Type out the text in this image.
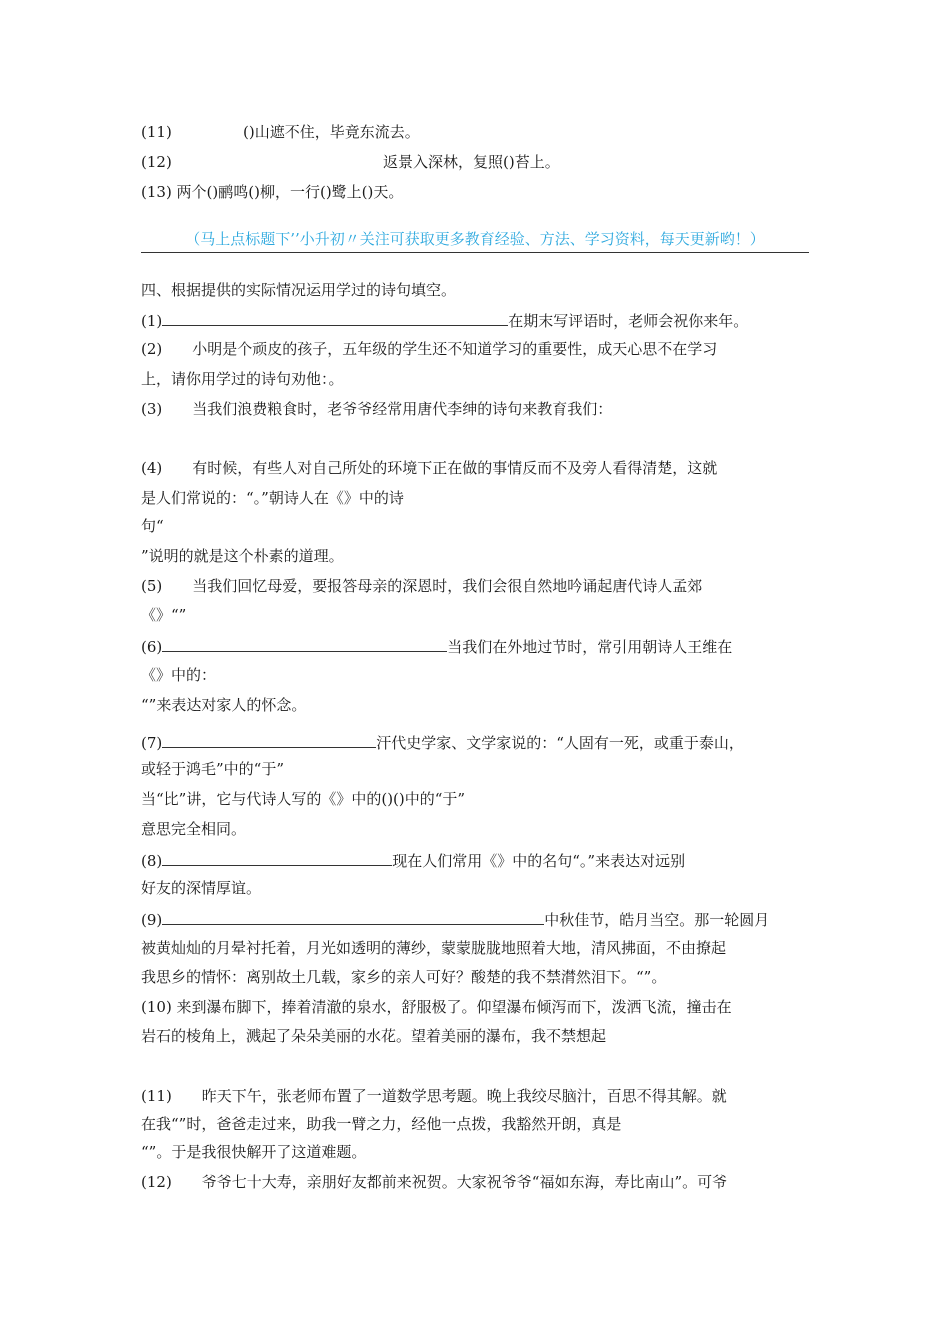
(11)	()山遮不住，毕竟东流去。
(12)	返景入深林，复照()苔上。
(13) 两个()鹂鸣()柳，一行()鹭上()天。
（马上点标题下’’小升初〃关注可获取更多教育经验、方法、学习资料，每天更新哟！）
四、根据提供的实际情况运用学过的诗句填空。
(1)	在期末写评语时，老师会祝你来年。
(2)　　小明是个顽皮的孩子，五年级的学生还不知道学习的重要性，成天心思不在学习
上，请你用学过的诗句劝他：。
(3)　　当我们浪费粮食时，老爷爷经常用唐代李绅的诗句来教育我们：
(4)　　有时候，有些人对自己所处的环境下正在做的事情反而不及旁人看得清楚，这就
是人们常说的：“。”朝诗人在《》中的诗
句“
”说明的就是这个朴素的道理。
(5)　　当我们回忆母爱，要报答母亲的深恩时，我们会很自然地吟诵起唐代诗人孟郊
《》“”
(6)	当我们在外地过节时，常引用朝诗人王维在
《》中的：
“”来表达对家人的怀念。
(7)	汗代史学家、文学家说的：“人固有一死，或重于泰山，
或轻于鸿毛”中的“于”
当“比”讲，它与代诗人写的《》中的()()中的“于”
意思完全相同。
(8)	现在人们常用《》中的名句“。”来表达对远别
好友的深情厚谊。
(9)	中秋佳节，皓月当空。那一轮圆月
被黄灿灿的月晕衬托着，月光如透明的薄纱，蒙蒙胧胧地照着大地，清风拂面，不由撩起
我思乡的情怀：离别故土几载，家乡的亲人可好？酸楚的我不禁潸然泪下。“”。
(10) 来到瀑布脚下，捧着清澈的泉水，舒服极了。仰望瀑布倾泻而下，泼洒飞流，撞击在
岩石的棱角上，溅起了朵朵美丽的水花。望着美丽的瀑布，我不禁想起
(11)　　昨天下午，张老师布置了一道数学思考题。晚上我绞尽脑汁，百思不得其解。就
在我“”时，爸爸走过来，助我一臂之力，经他一点拨，我豁然开朗，真是
“”。于是我很快解开了这道难题。
(12)　　爷爷七十大寿，亲朋好友都前来祝贺。大家祝爷爷“福如东海，寿比南山”。可爷
